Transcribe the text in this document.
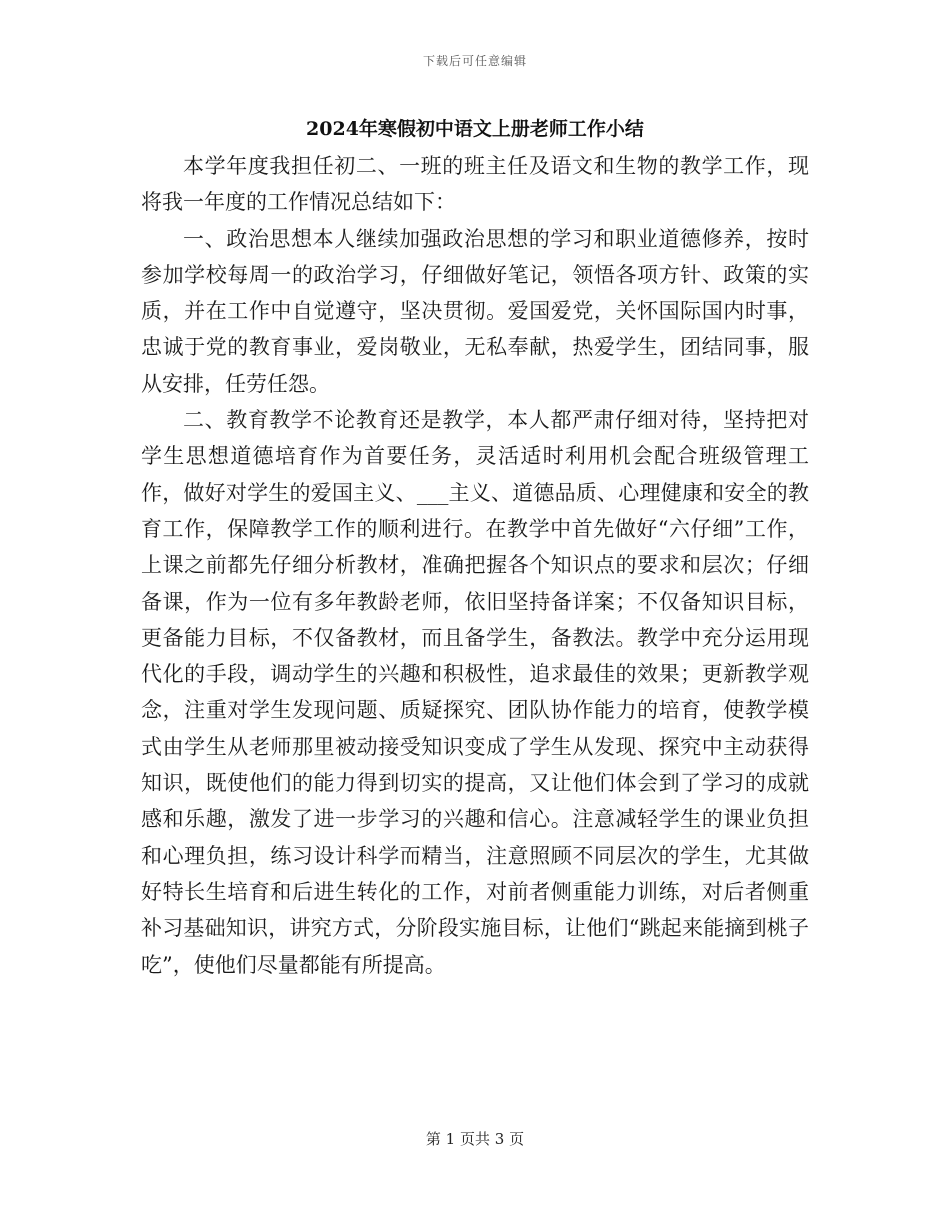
下载后可任意编辑
2024年寒假初中语文上册老师工作小结

本学年度我担任初二、一班的班主任及语文和生物的教学工作，现将我一年度的工作情况总结如下：

一、政治思想本人继续加强政治思想的学习和职业道德修养，按时参加学校每周一的政治学习，仔细做好笔记，领悟各项方针、政策的实质，并在工作中自觉遵守，坚决贯彻。爱国爱党，关怀国际国内时事，忠诚于党的教育事业，爱岗敬业，无私奉献，热爱学生，团结同事，服从安排，任劳任怨。

二、教育教学不论教育还是教学，本人都严肃仔细对待，坚持把对学生思想道德培育作为首要任务，灵活适时利用机会配合班级管理工作，做好对学生的爱国主义、___主义、道德品质、心理健康和安全的教育工作，保障教学工作的顺利进行。在教学中首先做好“六仔细”工作，上课之前都先仔细分析教材，准确把握各个知识点的要求和层次；仔细备课，作为一位有多年教龄老师，依旧坚持备详案；不仅备知识目标，更备能力目标，不仅备教材，而且备学生，备教法。教学中充分运用现代化的手段，调动学生的兴趣和积极性，追求最佳的效果；更新教学观念，注重对学生发现问题、质疑探究、团队协作能力的培育，使教学模式由学生从老师那里被动接受知识变成了学生从发现、探究中主动获得知识，既使他们的能力得到切实的提高，又让他们体会到了学习的成就感和乐趣，激发了进一步学习的兴趣和信心。注意减轻学生的课业负担和心理负担，练习设计科学而精当，注意照顾不同层次的学生，尤其做好特长生培育和后进生转化的工作，对前者侧重能力训练，对后者侧重补习基础知识，讲究方式，分阶段实施目标，让他们“跳起来能摘到桃子吃”，使他们尽量都能有所提高。

第 1 页共 3 页
